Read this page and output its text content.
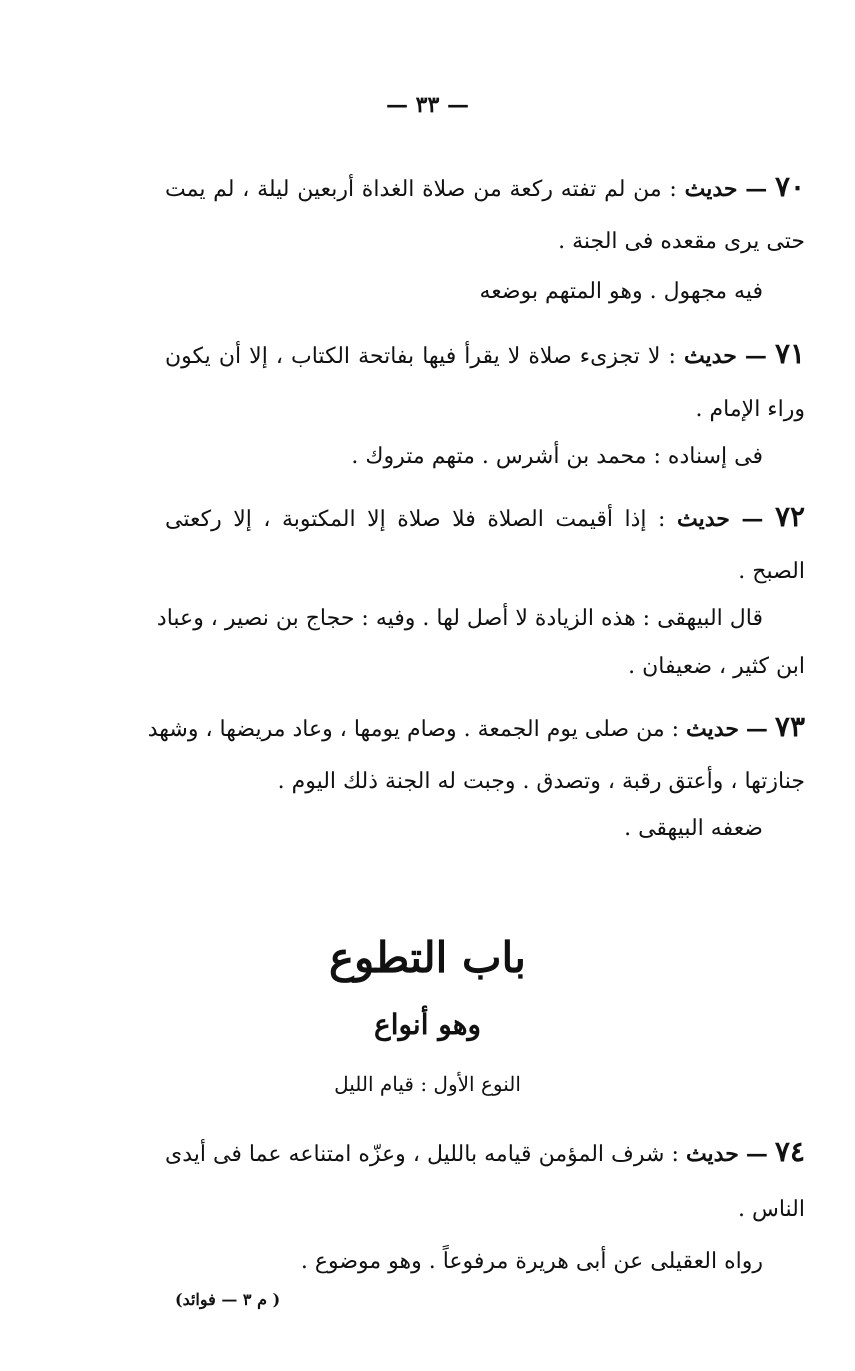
— ٣٣ —
٧٠ — حديث : من لم تفته ركعة من صلاة الغداة أربعين ليلة ، لم يمت
حتى يرى مقعده فى الجنة .
فيه مجهول . وهو المتهم بوضعه
٧١ — حديث : لا تجزىء صلاة لا يقرأ فيها بفاتحة الكتاب ، إلا أن يكون
وراء الإمام .
فى إسناده : محمد بن أشرس . متهم متروك .
٧٢ — حديث : إذا أقيمت الصلاة فلا صلاة إلا المكتوبة ، إلا ركعتى
الصبح .
قال البيهقى : هذه الزيادة لا أصل لها . وفيه : حجاج بن نصير ، وعباد
ابن كثير ، ضعيفان .
٧٣ — حديث : من صلى يوم الجمعة . وصام يومها ، وعاد مريضها ، وشهد
جنازتها ، وأعتق رقبة ، وتصدق . وجبت له الجنة ذلك اليوم .
ضعفه البيهقى .
باب التطوع
وهو أنواع
النوع الأول : قيام الليل
٧٤ — حديث : شرف المؤمن قيامه بالليل ، وعزّه امتناعه عما فى أيدى
الناس .
رواه العقيلى عن أبى هريرة مرفوعاً . وهو موضوع .
( م ٣ — فوائد)
